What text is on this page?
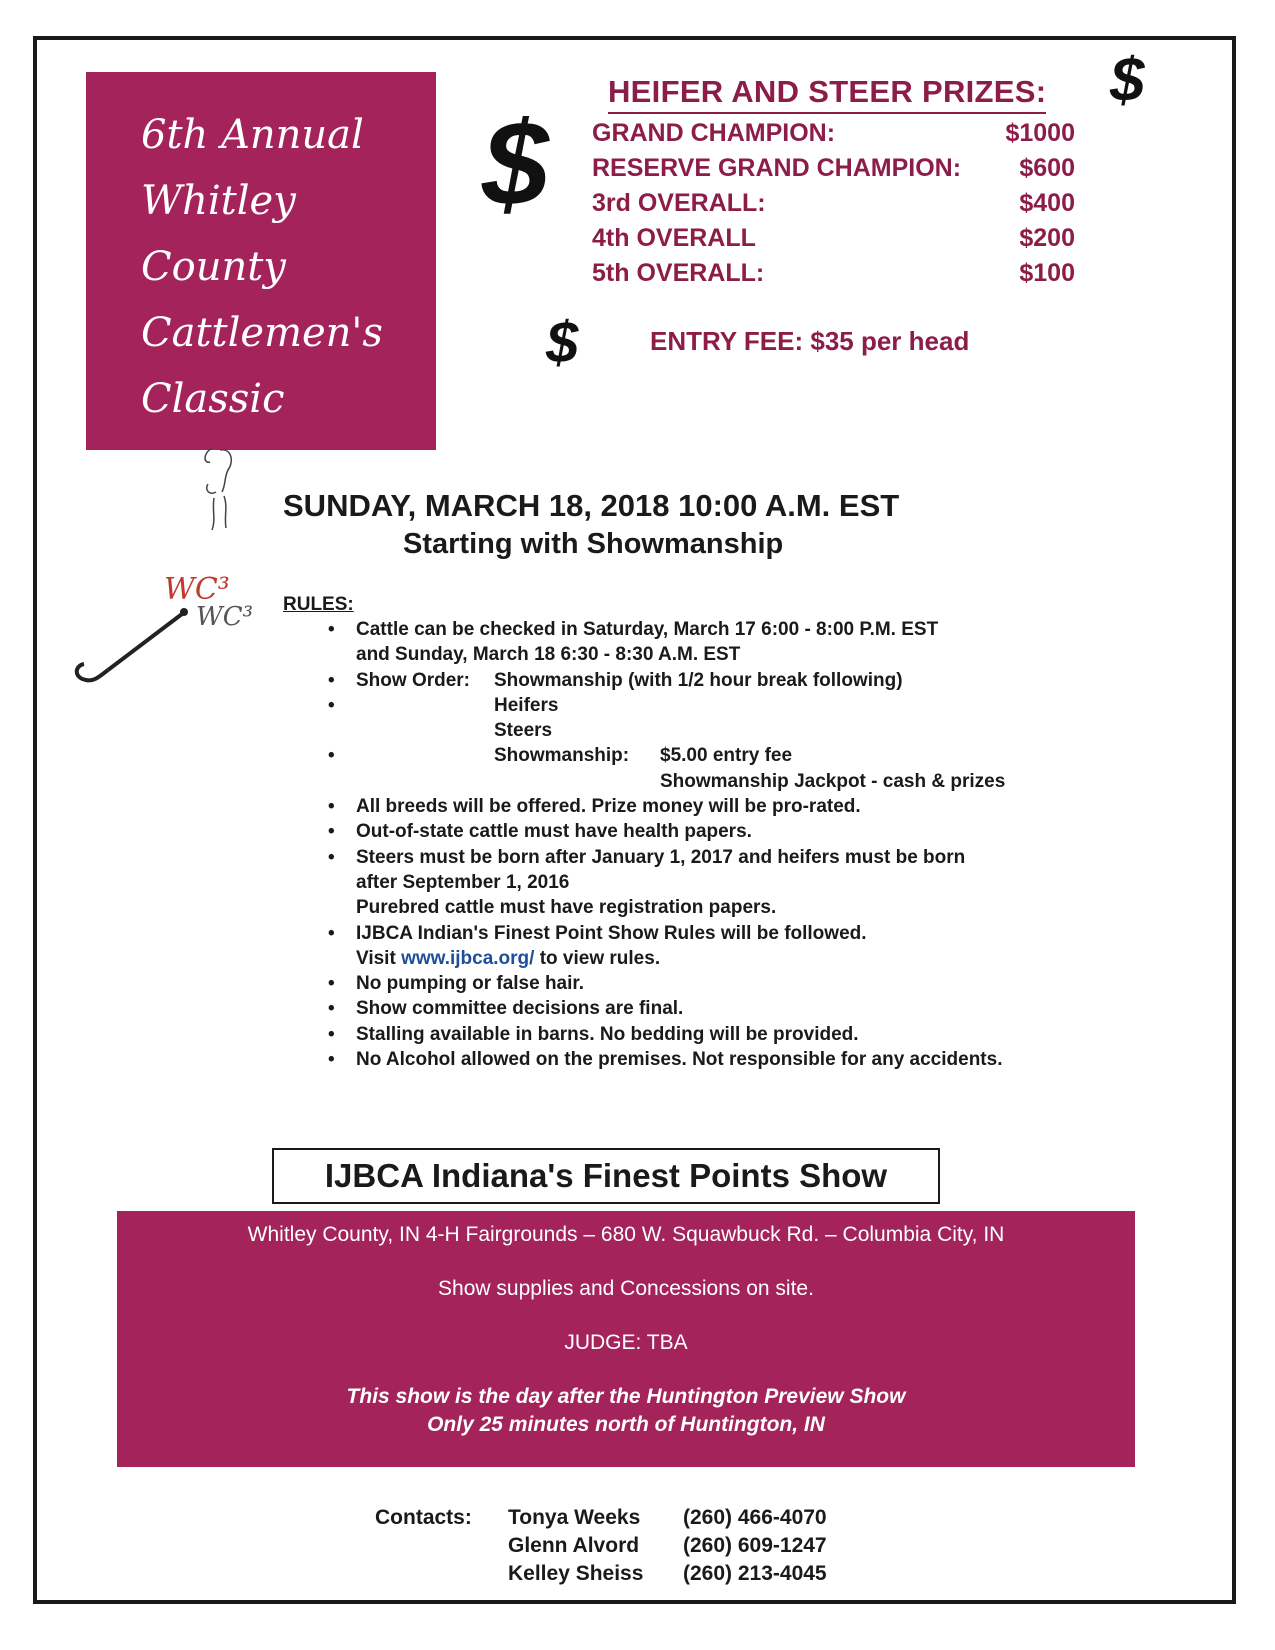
6th Annual
Whitley
County
Cattlemen's
Classic
$
$
$
HEIFER AND STEER PRIZES:
GRAND CHAMPION:	$1000
RESERVE GRAND CHAMPION: $600
3rd OVERALL:	$400
4th OVERALL	$200
5th OVERALL:	$100
ENTRY FEE: $35 per head
SUNDAY, MARCH 18, 2018 10:00 A.M. EST
Starting with Showmanship
WC³
WC³ RULES:
•	Cattle can be checked in Saturday, March 17 6:00 - 8:00 P.M. EST
and Sunday, March 18 6:30 - 8:30 A.M. EST
•	Show Order: Showmanship (with 1/2 hour break following)
•	Heifers
Steers
•	Showmanship: $5.00 entry fee
Showmanship Jackpot - cash & prizes
•	All breeds will be offered. Prize money will be pro-rated.
•	Out-of-state cattle must have health papers.
•	Steers must be born after January 1, 2017 and heifers must be born
after September 1, 2016
Purebred cattle must have registration papers.
•	IJBCA Indian's Finest Point Show Rules will be followed.
Visit www.ijbca.org/ to view rules.
•	No pumping or false hair.
•	Show committee decisions are final.
•	Stalling available in barns. No bedding will be provided.
•	No Alcohol allowed on the premises. Not responsible for any accidents.
IJBCA Indiana's Finest Points Show
Whitley County, IN 4-H Fairgrounds – 680 W. Squawbuck Rd. – Columbia City, IN
Show supplies and Concessions on site.
JUDGE: TBA
This show is the day after the Huntington Preview Show
Only 25 minutes north of Huntington, IN
Contacts:	Tonya Weeks	(260) 466-4070
Glenn Alvord	(260) 609-1247
Kelley Sheiss	(260) 213-4045
